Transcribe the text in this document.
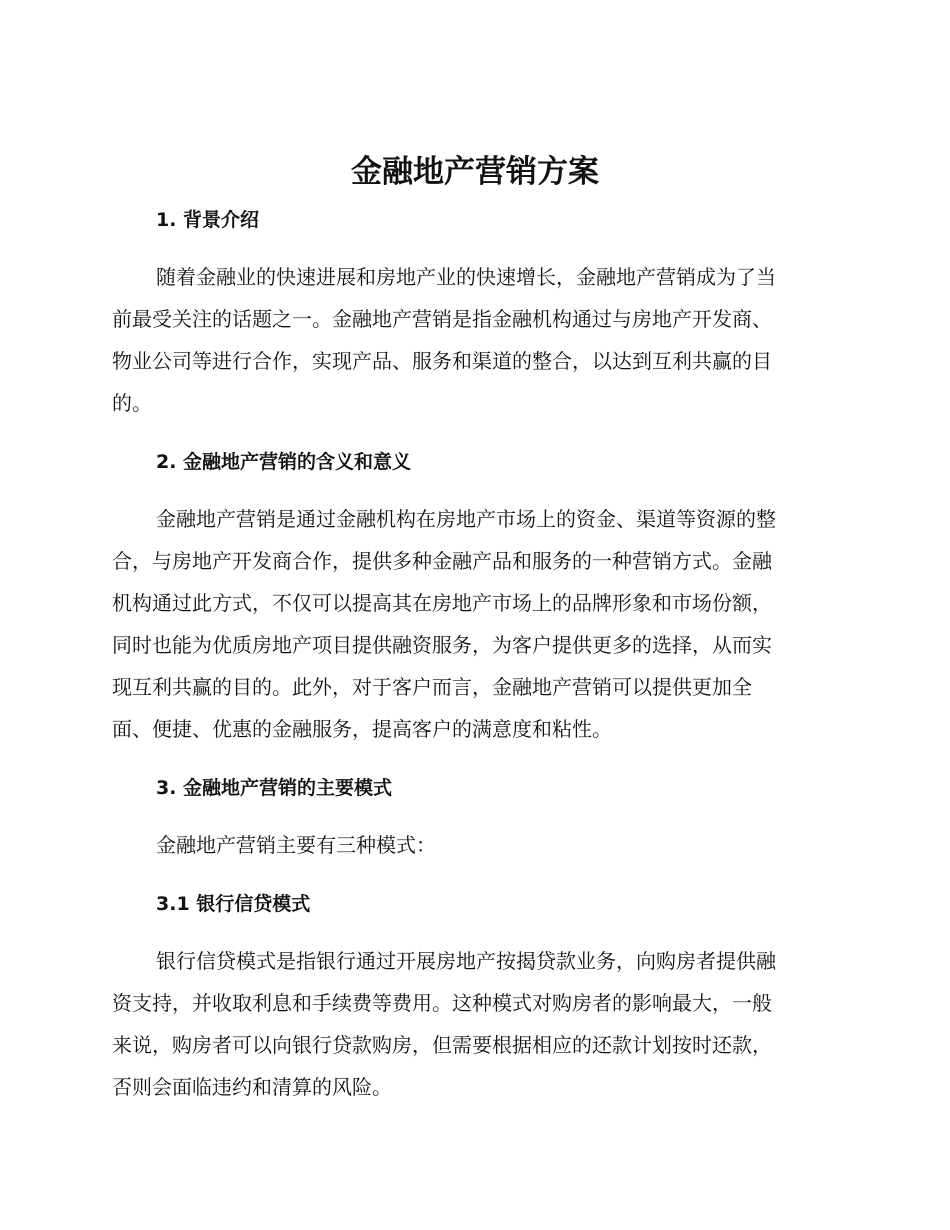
金融地产营销方案
1. 背景介绍
随着金融业的快速进展和房地产业的快速增长，金融地产营销成为了当
前最受关注的话题之一。金融地产营销是指金融机构通过与房地产开发商、
物业公司等进行合作，实现产品、服务和渠道的整合，以达到互利共赢的目
的。
2. 金融地产营销的含义和意义
金融地产营销是通过金融机构在房地产市场上的资金、渠道等资源的整
合，与房地产开发商合作，提供多种金融产品和服务的一种营销方式。金融
机构通过此方式，不仅可以提高其在房地产市场上的品牌形象和市场份额，
同时也能为优质房地产项目提供融资服务，为客户提供更多的选择，从而实
现互利共赢的目的。此外，对于客户而言，金融地产营销可以提供更加全
面、便捷、优惠的金融服务，提高客户的满意度和粘性。
3. 金融地产营销的主要模式
金融地产营销主要有三种模式：
3.1 银行信贷模式
银行信贷模式是指银行通过开展房地产按揭贷款业务，向购房者提供融
资支持，并收取利息和手续费等费用。这种模式对购房者的影响最大，一般
来说，购房者可以向银行贷款购房，但需要根据相应的还款计划按时还款，
否则会面临违约和清算的风险。
